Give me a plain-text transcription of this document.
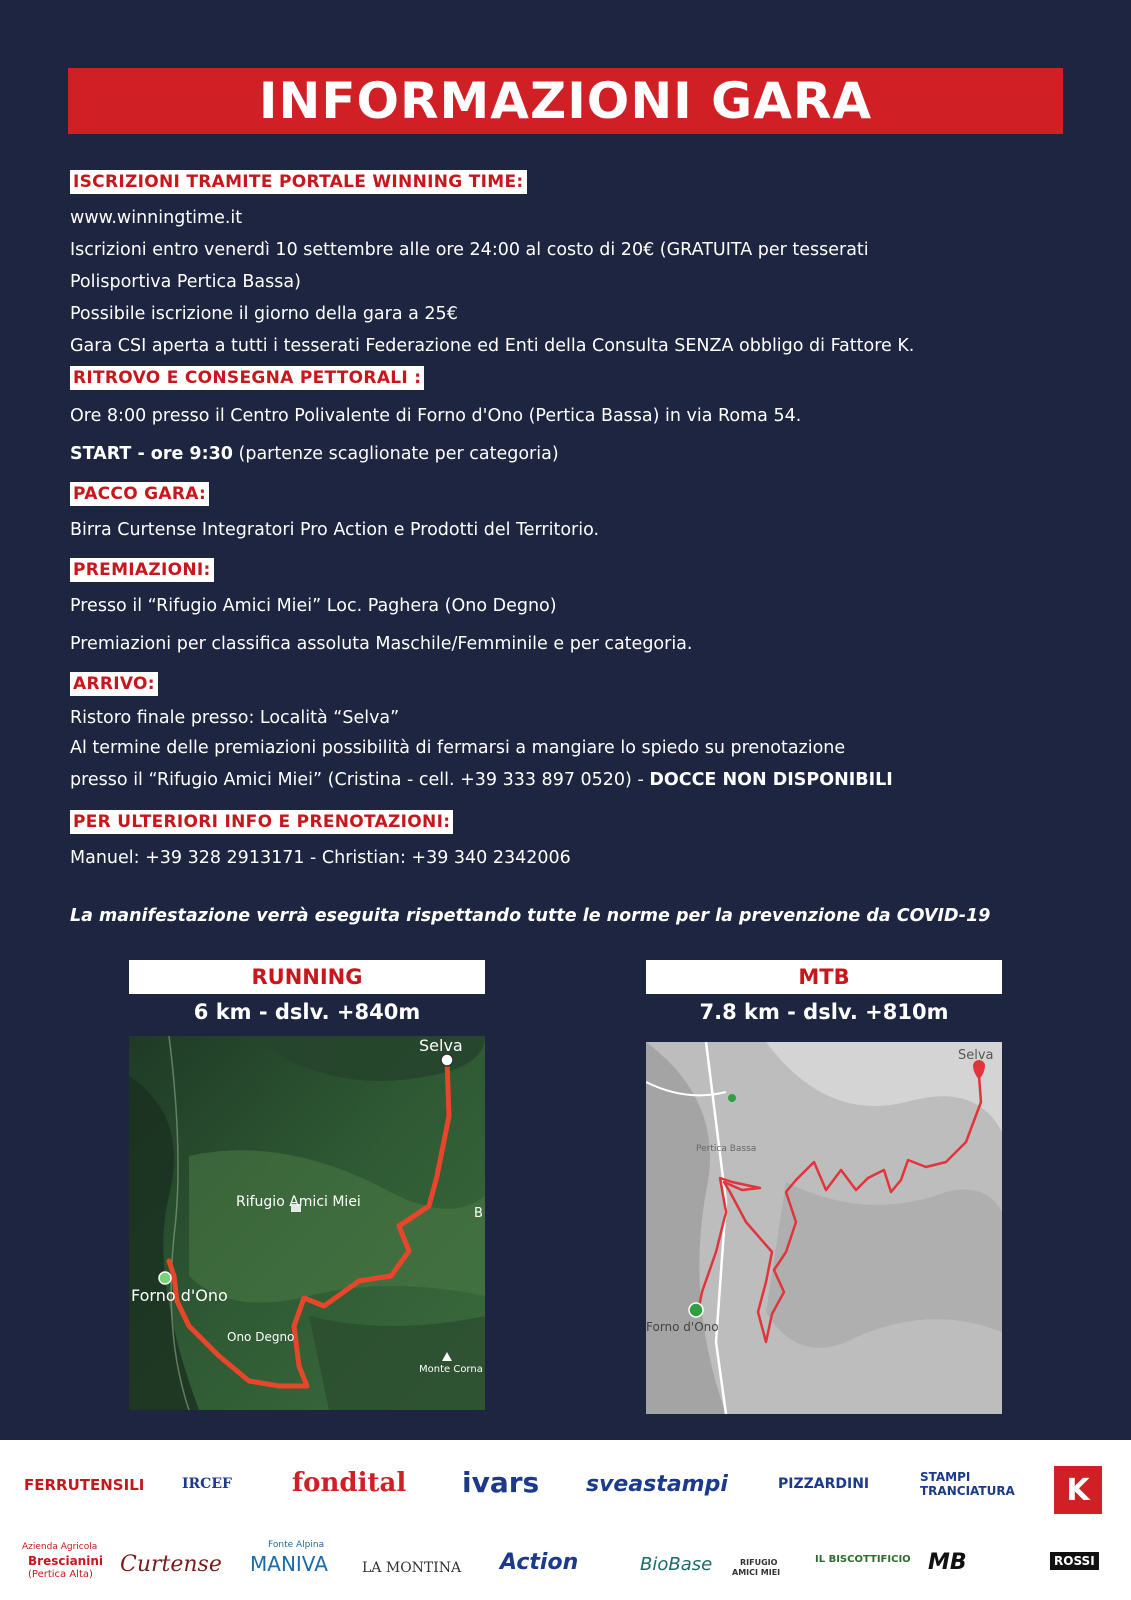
INFORMAZIONI GARA
ISCRIZIONI TRAMITE PORTALE WINNING TIME:
www.winningtime.it
Iscrizioni entro venerdì 10 settembre alle ore 24:00 al costo di 20€ (GRATUITA per tesserati
Polisportiva Pertica Bassa)
Possibile iscrizione il giorno della gara a 25€
Gara CSI aperta a tutti i tesserati Federazione ed Enti della Consulta SENZA obbligo di Fattore K.
RITROVO E CONSEGNA PETTORALI :
Ore 8:00 presso il Centro Polivalente di Forno d'Ono (Pertica Bassa) in via Roma 54.
START - ore 9:30 (partenze scaglionate per categoria)
PACCO GARA:
Birra Curtense Integratori Pro Action e Prodotti del Territorio.
PREMIAZIONI:
Presso il “Rifugio Amici Miei” Loc. Paghera (Ono Degno)
Premiazioni per classifica assoluta Maschile/Femminile e per categoria.
ARRIVO:
Ristoro finale presso: Località “Selva”
Al termine delle premiazioni possibilità di fermarsi a mangiare lo spiedo su prenotazione
presso il “Rifugio Amici Miei” (Cristina - cell. +39 333 897 0520) - DOCCE NON DISPONIBILI
PER ULTERIORI INFO E PRENOTAZIONI:
Manuel: +39 328 2913171 - Christian: +39 340 2342006
La manifestazione verrà eseguita rispettando tutte le norme per la prevenzione da COVID-19
RUNNING
6 km - dslv. +840m
Selva
Rifugio Amici Miei
Forno d'Ono
Ono Degno
Monte Corna
B
MTB
7.8 km - dslv. +810m
Selva
Forno d'Ono
Pertica Bassa
FERRUTENSILI	IRCEF fondital ivars sveastampi	PIZZARDINI	STAMPI TRANCIATURA	K
Azienda Agricola
Brescianini
(Pertica Alta) Curtense
Fonte Alpina
MANIVA LA MONTINA Action	BioBase	RIFUGIO
AMICI MIEI
IL BISCOTTIFICIO MB	ROSSI
